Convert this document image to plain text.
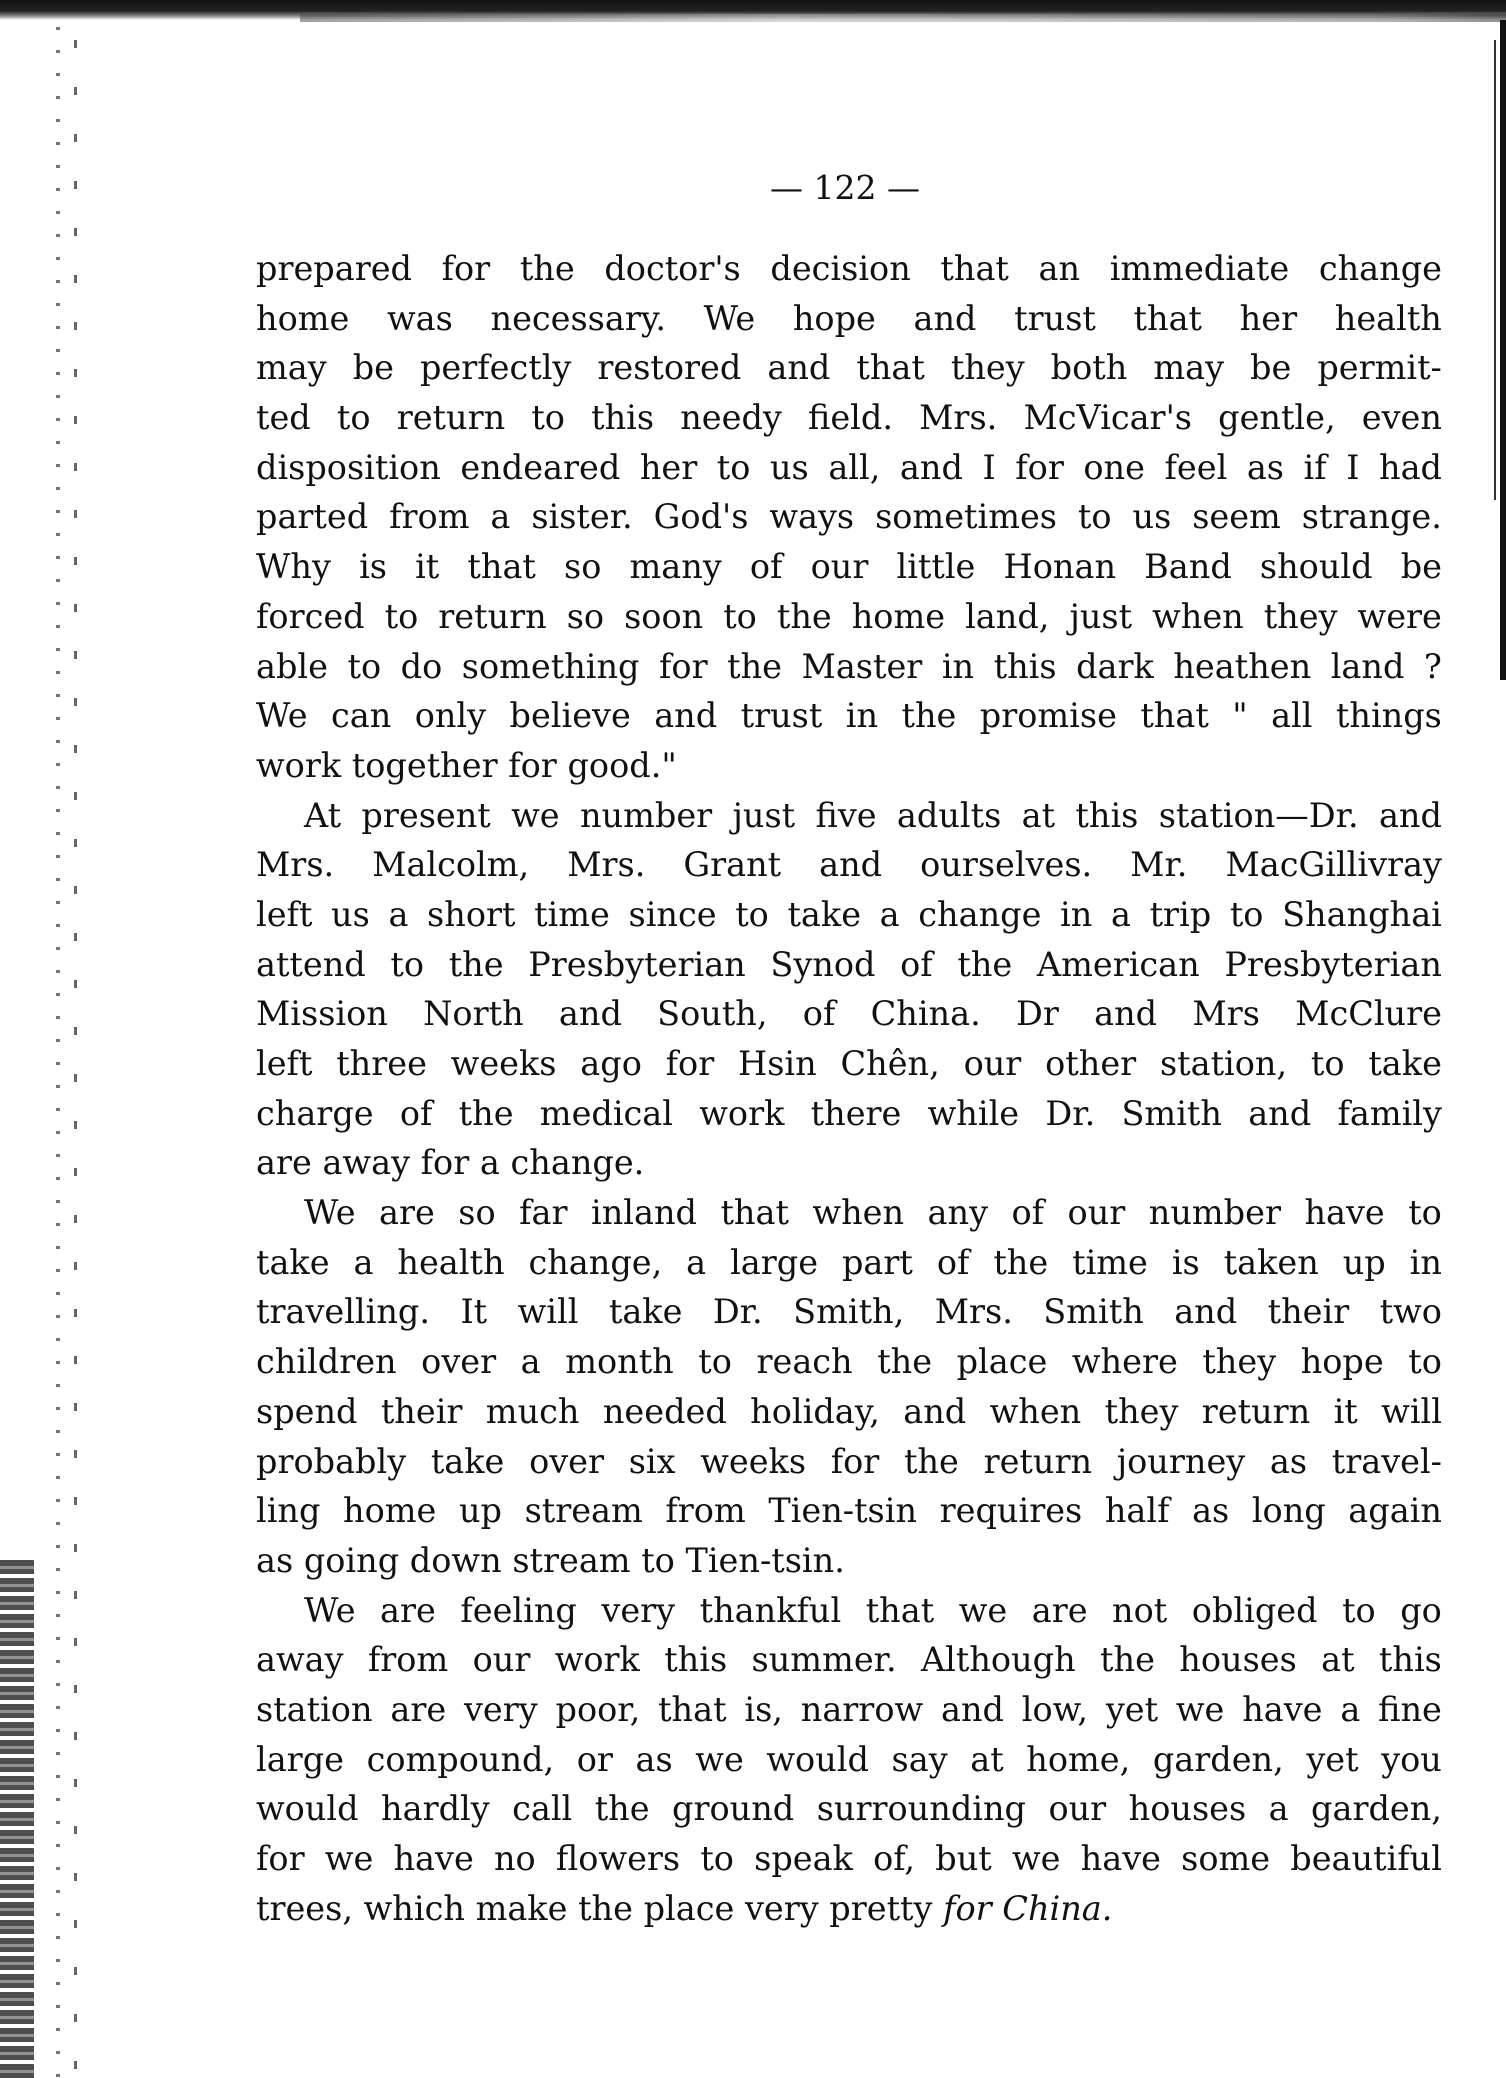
— 122 —
prepared for the doctor's decision that an immediate change
home was necessary. We hope and trust that her health
may be perfectly restored and that they both may be permit-
ted to return to this needy field. Mrs. McVicar's gentle, even
disposition endeared her to us all, and I for one feel as if I had
parted from a sister. God's ways sometimes to us seem strange.
Why is it that so many of our little Honan Band should be
forced to return so soon to the home land, just when they were
able to do something for the Master in this dark heathen land ?
We can only believe and trust in the promise that " all things
work together for good."
At present we number just five adults at this station—Dr. and
Mrs. Malcolm, Mrs. Grant and ourselves. Mr. MacGillivray
left us a short time since to take a change in a trip to Shanghai
attend to the Presbyterian Synod of the American Presbyterian
Mission North and South, of China. Dr and Mrs McClure
left three weeks ago for Hsin Chên, our other station, to take
charge of the medical work there while Dr. Smith and family
are away for a change.
We are so far inland that when any of our number have to
take a health change, a large part of the time is taken up in
travelling. It will take Dr. Smith, Mrs. Smith and their two
children over a month to reach the place where they hope to
spend their much needed holiday, and when they return it will
probably take over six weeks for the return journey as travel-
ling home up stream from Tien-tsin requires half as long again
as going down stream to Tien-tsin.
We are feeling very thankful that we are not obliged to go
away from our work this summer. Although the houses at this
station are very poor, that is, narrow and low, yet we have a fine
large compound, or as we would say at home, garden, yet you
would hardly call the ground surrounding our houses a garden,
for we have no flowers to speak of, but we have some beautiful
trees, which make the place very pretty for China.
